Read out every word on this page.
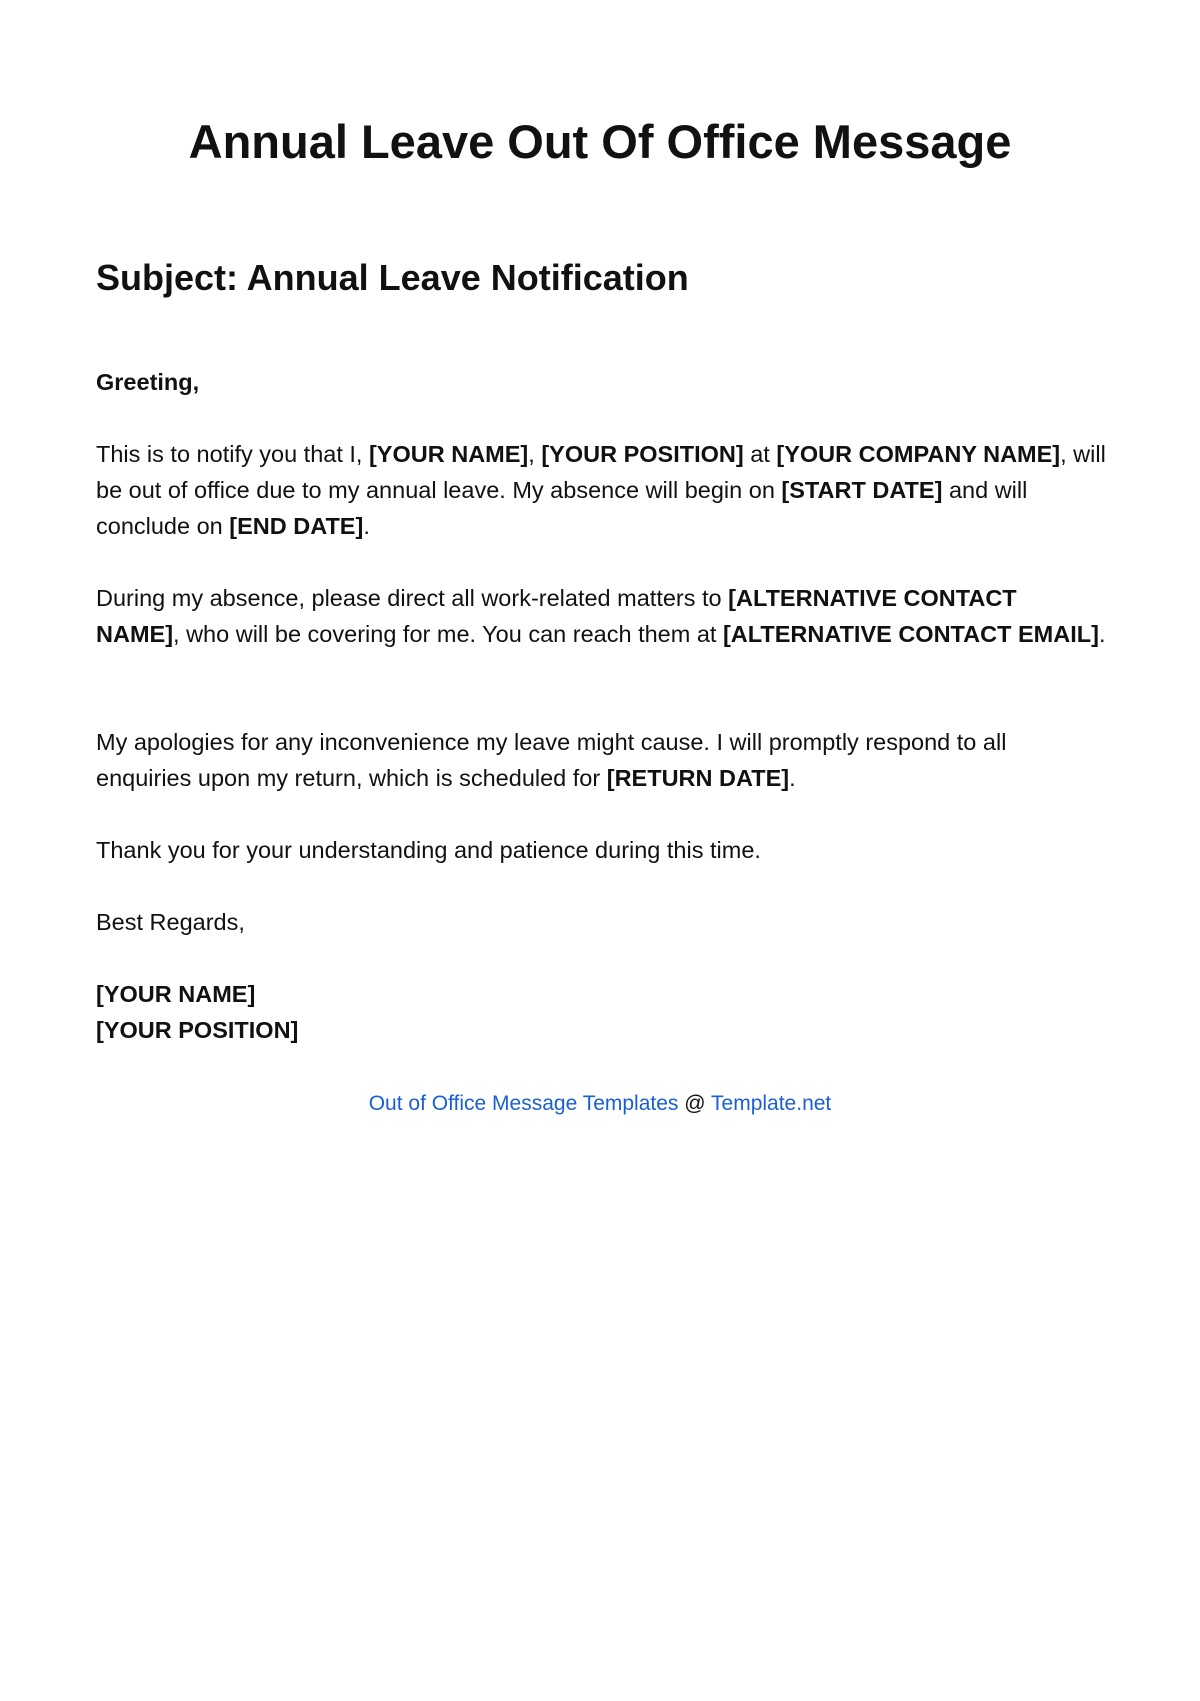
Annual Leave Out Of Office Message
Subject: Annual Leave Notification

Greeting,

This is to notify you that I, [YOUR NAME], [YOUR POSITION] at [YOUR COMPANY NAME], will be out of office due to my annual leave. My absence will begin on [START DATE] and will conclude on [END DATE].

During my absence, please direct all work-related matters to [ALTERNATIVE CONTACT NAME], who will be covering for me. You can reach them at [ALTERNATIVE CONTACT EMAIL].

My apologies for any inconvenience my leave might cause. I will promptly respond to all enquiries upon my return, which is scheduled for [RETURN DATE].

Thank you for your understanding and patience during this time.

Best Regards,

[YOUR NAME]
[YOUR POSITION]

Out of Office Message Templates @ Template.net
